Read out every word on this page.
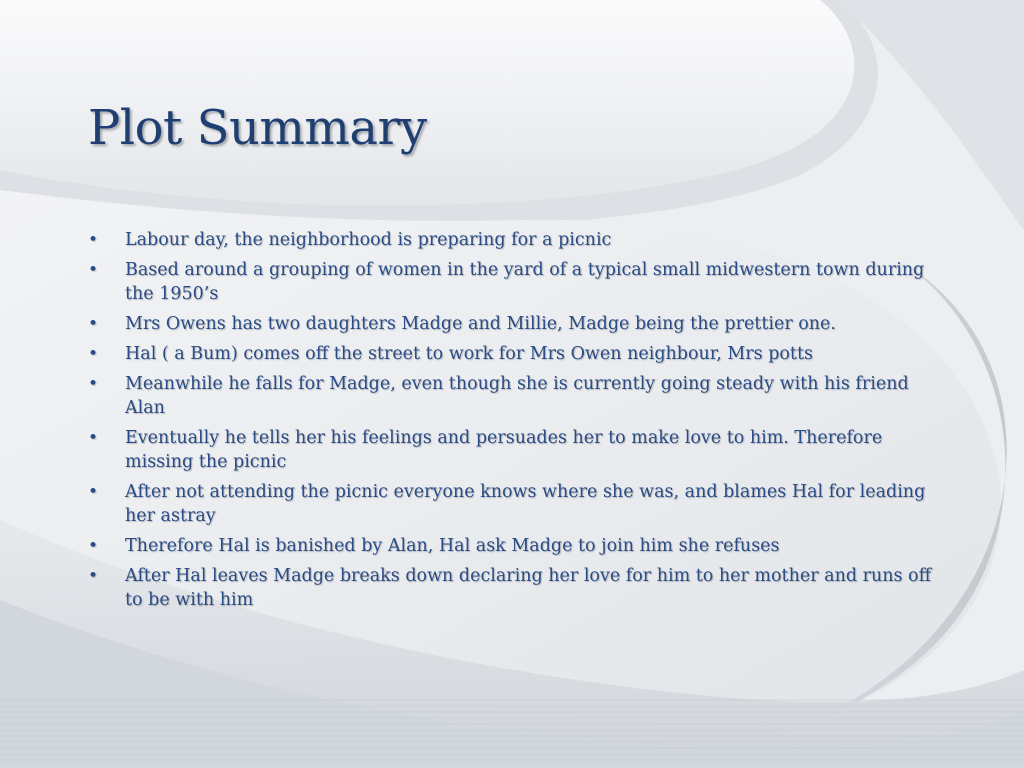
Plot Summary
• Labour day, the neighborhood is preparing for a picnic
• Based around a grouping of women in the yard of a typical small midwestern town during the 1950’s
• Mrs Owens has two daughters Madge and Millie, Madge being the prettier one.
• Hal ( a Bum) comes off the street to work for Mrs Owen neighbour, Mrs potts
• Meanwhile he falls for Madge, even though she is currently going steady with his friend Alan
• Eventually he tells her his feelings and persuades her to make love to him. Therefore missing the picnic
• After not attending the picnic everyone knows where she was, and blames Hal for leading her astray
• Therefore Hal is banished by Alan, Hal ask Madge to join him she refuses
• After Hal leaves Madge breaks down declaring her love for him to her mother and runs off to be with him
